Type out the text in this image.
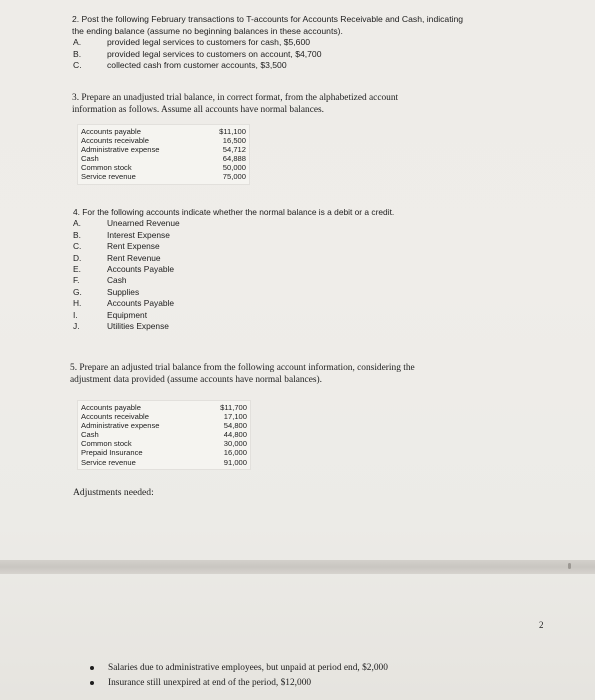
2. Post the following February transactions to T-accounts for Accounts Receivable and Cash, indicating
the ending balance (assume no beginning balances in these accounts).
A.	provided legal services to customers for cash, $5,600
B.	provided legal services to customers on account, $4,700
C.	collected cash from customer accounts, $3,500
3. Prepare an unadjusted trial balance, in correct format, from the alphabetized account
information as follows. Assume all accounts have normal balances.
Accounts payable	$11,100
Accounts receivable	16,500
Administrative expense	54,712
Cash	64,888
Common stock	50,000
Service revenue	75,000
4. For the following accounts indicate whether the normal balance is a debit or a credit.
A.	Unearned Revenue
B.	Interest Expense
C.	Rent Expense
D.	Rent Revenue
E.	Accounts Payable
F.	Cash
G.	Supplies
H.	Accounts Payable
I.	Equipment
J.	Utilities Expense
5. Prepare an adjusted trial balance from the following account information, considering the
adjustment data provided (assume accounts have normal balances).
Accounts payable	$11,700
Accounts receivable	17,100
Administrative expense	54,800
Cash	44,800
Common stock	30,000
Prepaid Insurance	16,000
Service revenue	91,000
Adjustments needed:
2
Salaries due to administrative employees, but unpaid at period end, $2,000
Insurance still unexpired at end of the period, $12,000
